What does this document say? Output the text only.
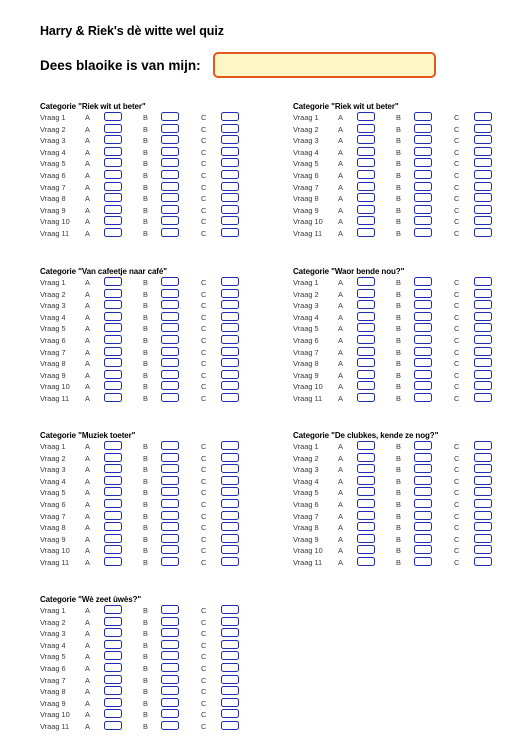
Harry & Riek's dè witte wel quiz
Dees blaoike is van mijn:
Categorie "Riek wit ut beter"
Vraag 1	A	B	C
Vraag 2	A	B	C
Vraag 3	A	B	C
Vraag 4	A	B	C
Vraag 5	A	B	C
Vraag 6	A	B	C
Vraag 7	A	B	C
Vraag 8	A	B	C
Vraag 9	A	B	C
Vraag 10 A	B	C
Vraag 11 A	B	C
Categorie "Riek wit ut beter"
Vraag 1	A	B	C
Vraag 2	A	B	C
Vraag 3	A	B	C
Vraag 4	A	B	C
Vraag 5	A	B	C
Vraag 6	A	B	C
Vraag 7	A	B	C
Vraag 8	A	B	C
Vraag 9	A	B	C
Vraag 10 A	B	C
Vraag 11 A	B	C
Categorie "Van cafeetje naar café"
Vraag 1	A	B	C
Vraag 2	A	B	C
Vraag 3	A	B	C
Vraag 4	A	B	C
Vraag 5	A	B	C
Vraag 6	A	B	C
Vraag 7	A	B	C
Vraag 8	A	B	C
Vraag 9	A	B	C
Vraag 10 A	B	C
Vraag 11 A	B	C
Categorie "Waor bende nou?"
Vraag 1	A	B	C
Vraag 2	A	B	C
Vraag 3	A	B	C
Vraag 4	A	B	C
Vraag 5	A	B	C
Vraag 6	A	B	C
Vraag 7	A	B	C
Vraag 8	A	B	C
Vraag 9	A	B	C
Vraag 10 A	B	C
Vraag 11 A	B	C
Categorie "Muziek toeter"
Vraag 1	A	B	C
Vraag 2	A	B	C
Vraag 3	A	B	C
Vraag 4	A	B	C
Vraag 5	A	B	C
Vraag 6	A	B	C
Vraag 7	A	B	C
Vraag 8	A	B	C
Vraag 9	A	B	C
Vraag 10 A	B	C
Vraag 11 A	B	C
Categorie "De clubkes, kende ze nog?"
Vraag 1	A	B	C
Vraag 2	A	B	C
Vraag 3	A	B	C
Vraag 4	A	B	C
Vraag 5	A	B	C
Vraag 6	A	B	C
Vraag 7	A	B	C
Vraag 8	A	B	C
Vraag 9	A	B	C
Vraag 10 A	B	C
Vraag 11 A	B	C
Categorie "Wè zeet ùwès?"
Vraag 1	A	B	C
Vraag 2	A	B	C
Vraag 3	A	B	C
Vraag 4	A	B	C
Vraag 5	A	B	C
Vraag 6	A	B	C
Vraag 7	A	B	C
Vraag 8	A	B	C
Vraag 9	A	B	C
Vraag 10 A	B	C
Vraag 11 A	B	C
